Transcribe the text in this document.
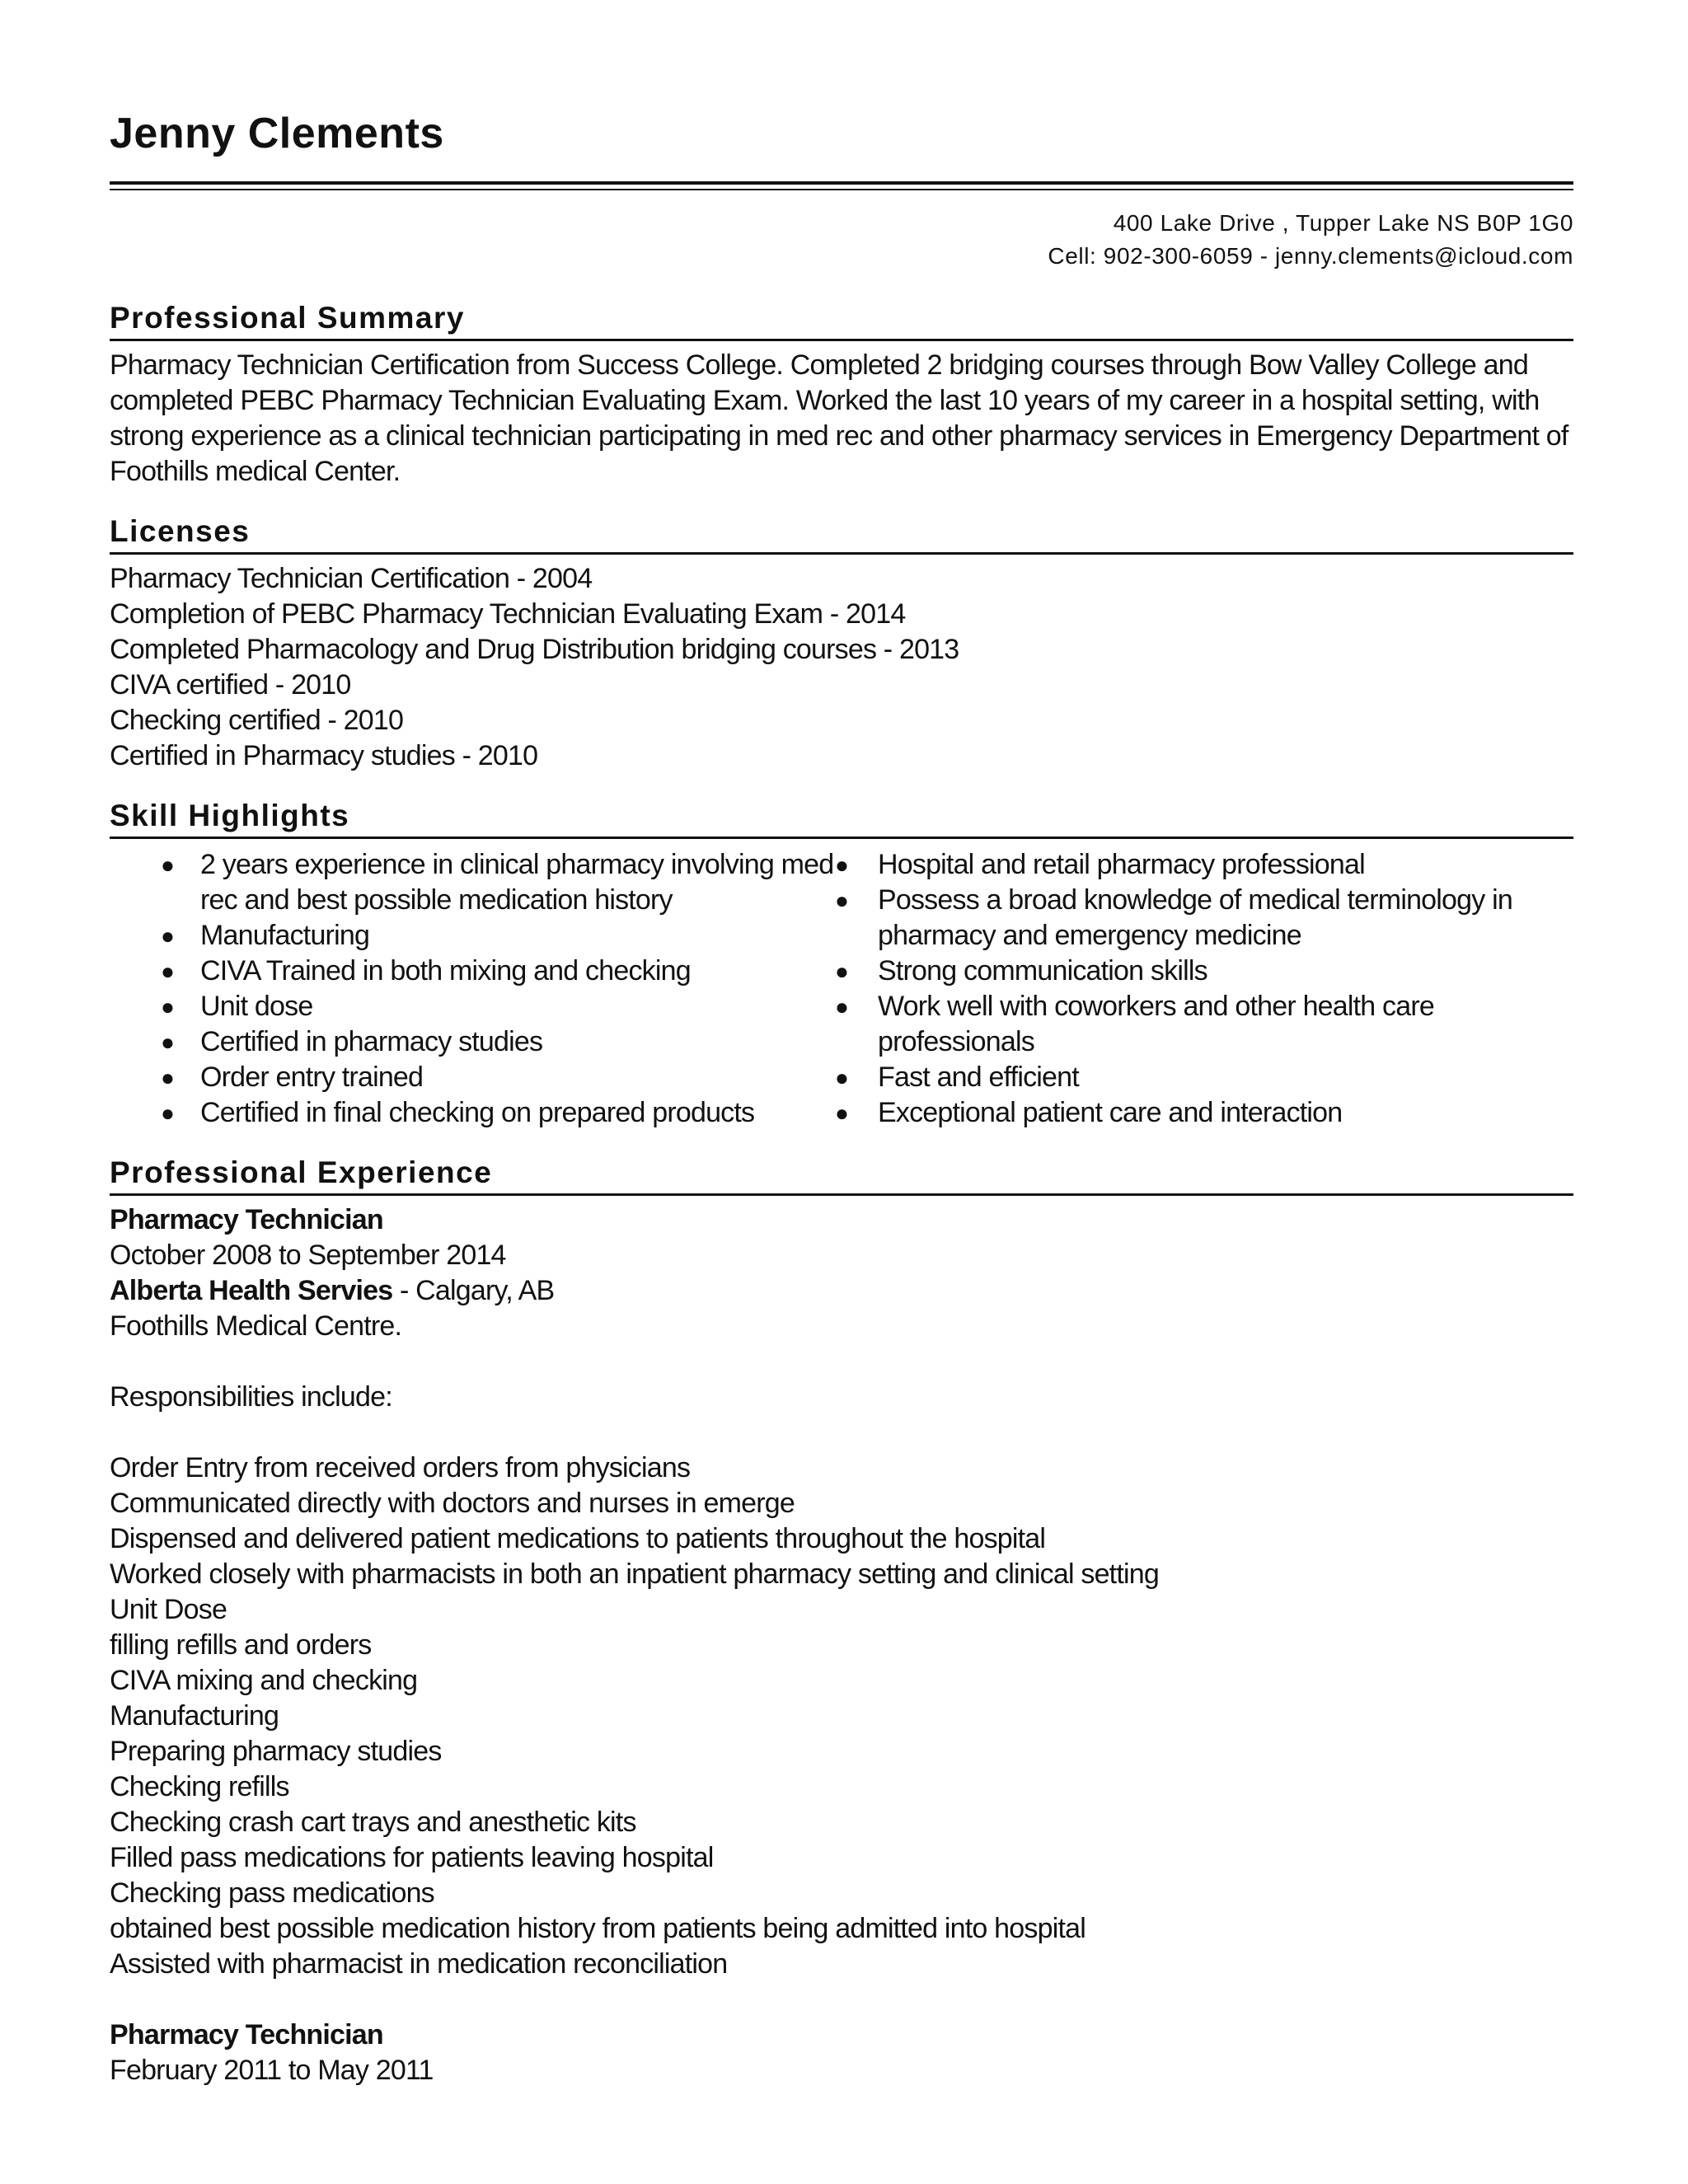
Jenny Clements
400 Lake Drive , Tupper Lake NS B0P 1G0
Cell: 902-300-6059 - jenny.clements@icloud.com
Professional Summary
Pharmacy Technician Certification from Success College. Completed 2 bridging courses through Bow Valley College and completed PEBC Pharmacy Technician Evaluating Exam. Worked the last 10 years of my career in a hospital setting, with strong experience as a clinical technician participating in med rec and other pharmacy services in Emergency Department of Foothills medical Center.
Licenses
Pharmacy Technician Certification - 2004
Completion of PEBC Pharmacy Technician Evaluating Exam - 2014
Completed Pharmacology and Drug Distribution bridging courses - 2013
CIVA certified - 2010
Checking certified - 2010
Certified in Pharmacy studies - 2010
Skill Highlights
● 2 years experience in clinical pharmacy involving med rec and best possible medication history
● Manufacturing
● CIVA Trained in both mixing and checking
● Unit dose
● Certified in pharmacy studies
● Order entry trained
● Certified in final checking on prepared products
●	Hospital and retail pharmacy professional
●	Possess a broad knowledge of medical terminology in pharmacy and emergency medicine
●	Strong communication skills
●	Work well with coworkers and other health care professionals
●	Fast and efficient
●	Exceptional patient care and interaction
Professional Experience
Pharmacy Technician
October 2008 to September 2014
Alberta Health Servies - Calgary, AB
Foothills Medical Centre.
Responsibilities include:
Order Entry from received orders from physicians
Communicated directly with doctors and nurses in emerge
Dispensed and delivered patient medications to patients throughout the hospital
Worked closely with pharmacists in both an inpatient pharmacy setting and clinical setting
Unit Dose
filling refills and orders
CIVA mixing and checking
Manufacturing
Preparing pharmacy studies
Checking refills
Checking crash cart trays and anesthetic kits
Filled pass medications for patients leaving hospital
Checking pass medications
obtained best possible medication history from patients being admitted into hospital
Assisted with pharmacist in medication reconciliation
Pharmacy Technician
February 2011 to May 2011
